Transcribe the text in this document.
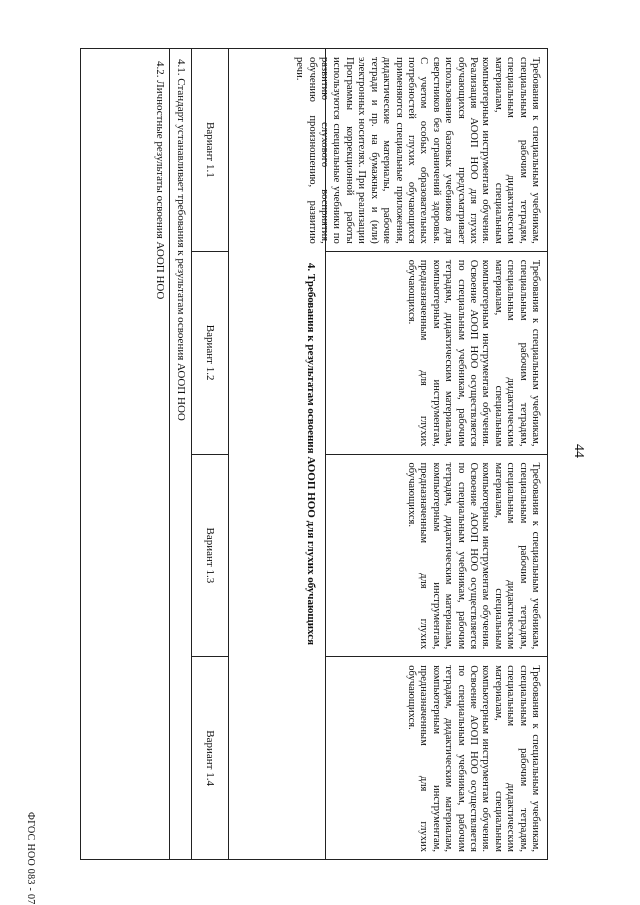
44
Требования к специальным учебникам, специальным рабочим тетрадям, специальным дидактическим материалам, специальным компьютерным инструментам обучения. Реализация АООП НОО для глухих обучающихся предусматривает использование базовых учебников для сверстников без ограничений здоровья. С учетом особых образовательных потребностей глухих обучающихся применяются специальные приложения, дидактические материалы, рабочие тетради и пр. на бумажных и (или) электронных носителях. При реализации Программы коррекционной работы используются специальные учебники по развитию слухового восприятия, обучению произношению, развитию речи.
Требования к специальным учебникам, специальным рабочим тетрадям, специальным дидактическим материалам, специальным компьютерным инструментам обучения. Освоение АООП НОО осуществляется по специальным учебникам, рабочим тетрадям, дидактическим материалам, компьютерным инструментам, предназначенным для глухих обучающихся.
Требования к специальным учебникам, специальным рабочим тетрадям, специальным дидактическим материалам, специальным компьютерным инструментам обучения. Освоение АООП НОО осуществляется по специальным учебникам, рабочим тетрадям, дидактическим материалам, компьютерным инструментам, предназначенным для глухих обучающихся.
Требования к специальным учебникам, специальным рабочим тетрадям, специальным дидактическим материалам, специальным компьютерным инструментам обучения. Освоение АООП НОО осуществляется по специальным учебникам, рабочим тетрадям, дидактическим материалам, компьютерным инструментам, предназначенным для глухих обучающихся.
4. Требования к результатам освоения АООП НОО для глухих обучающихся
Вариант 1.1
Вариант 1.2
Вариант 1.3
Вариант 1.4
4.1. Стандарт устанавливает требования к результатам освоения АООП НОО
4.2. Личностные результаты освоения АООП НОО
ФГОС НОО 083 - 07
